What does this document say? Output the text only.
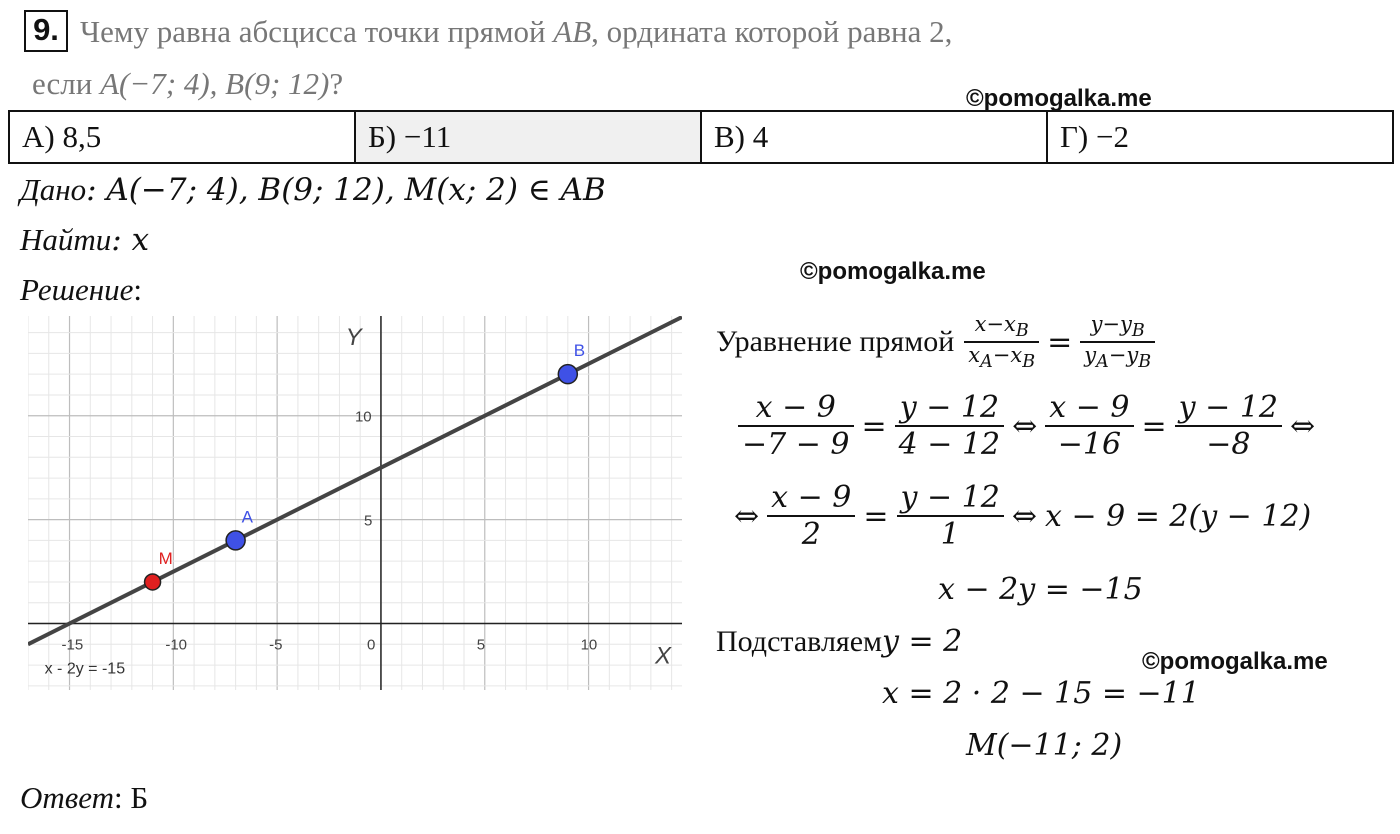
9. Чему равна абсцисса точки прямой AB, ордината которой равна 2,
если A(−7; 4), B(9; 12)?	©pomogalka.me
А) 8,5	Б) −11	В) 4	Г) −2
Дано: A(−7; 4), B(9; 12), M(x; 2) ∈ AB
Найти: x
Решение:
©pomogalka.me
-15	-10	-5	0	5	10
5
10
X
Y
x - 2y = -15
A
B
M
Уравнение прямой $\frac{x-x_B}{x_A-x_B} = \frac{y-y_B}{y_A-y_B}$
$\frac{x - 9}{-7 - 9} = \frac{y - 12}{4 - 12}$ ⇔ $\frac{x - 9}{-16} = \frac{y - 12}{-8}$ ⇔
⇔ $\frac{x - 9}{2} = \frac{y - 12}{1}$ ⇔ x − 9 = 2(y − 12)
x − 2y = −15
Подставляем y = 2
©pomogalka.me
x = 2 · 2 − 15 = −11
M(−11; 2)
Ответ: Б
